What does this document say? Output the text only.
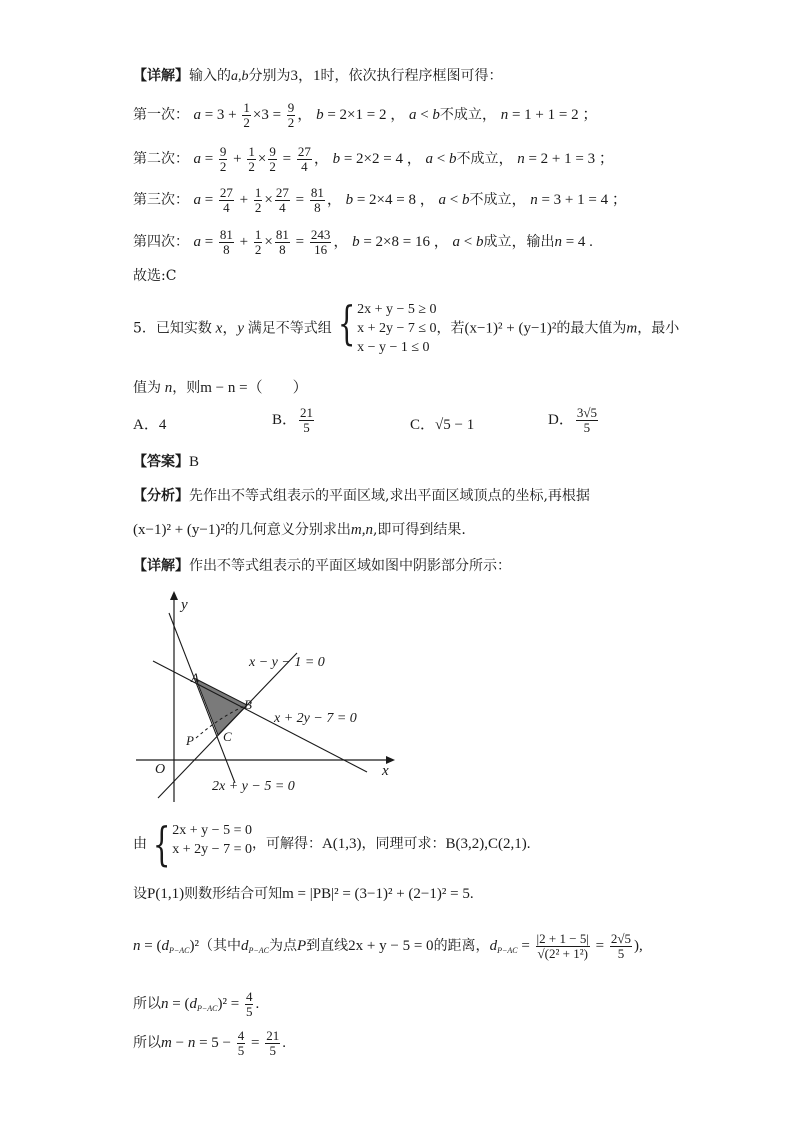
【详解】输入的a,b分别为3，1时，依次执行程序框图可得：
第一次： $a = 3 + \frac{1}{2} \times 3 = \frac{9}{2}$ ， b = 2×1 = 2 ， a < b不成立， n = 1 + 1 = 2 ；
第二次： $a = \frac{9}{2} + \frac{1}{2} \times \frac{9}{2} = \frac{27}{4}$ ， b = 2×2 = 4 ， a < b不成立， n = 2 + 1 = 3 ；
第三次： $a = \frac{27}{4} + \frac{1}{2} \times \frac{27}{4} = \frac{81}{8}$ ， b = 2×4 = 8 ， a < b不成立， n = 3 + 1 = 4 ；
第四次： $a = \frac{81}{8} + \frac{1}{2} \times \frac{81}{8} = \frac{243}{16}$ ， b = 2×8 = 16 ， a < b成立，输出n = 4 .
故选:C
5．已知实数 x，y 满足不等式组 { 2x + y − 5 ≥ 0
x + 2y − 7 ≤ 0
x − y − 1 ≤ 0
，若(x−1)² + (y−1)²的最大值为m，最小
值为 n，则m − n =（　　）
A．4	B． $\frac{21}{5}$	C．√5 − 1	D． $\frac{3√5}{5}$
【答案】B
【分析】先作出不等式组表示的平面区域,求出平面区域顶点的坐标,再根据
(x−1)² + (y−1)²的几何意义分别求出m,n,即可得到结果.
【详解】作出不等式组表示的平面区域如图中阴影部分所示：
y
x
O
A
B
C
P
x − y − 1 = 0
x + 2y − 7 = 0
2x + y − 5 = 0
由 { 2x + y − 5 = 0
x + 2y − 7 = 0 ，可解得：A(1,3)，同理可求：B(3,2),C(2,1).
设P(1,1)则数形结合可知m = |PB|² = (3−1)² + (2−1)² = 5.
$n = (d_{P-AC})^2$（其中$d_{P-AC}$为点P到直线2x + y − 5 = 0的距离，$d_{P-AC} = \frac{|2 + 1 - 5|}{\text{√(2² + 1²)}} = \frac{2√5}{5}$ ),
所以$n = (d_{P-AC})^2 = \frac{4}{5}$ .
所以$m - n = 5 - \frac{4}{5} = \frac{21}{5}$ .
